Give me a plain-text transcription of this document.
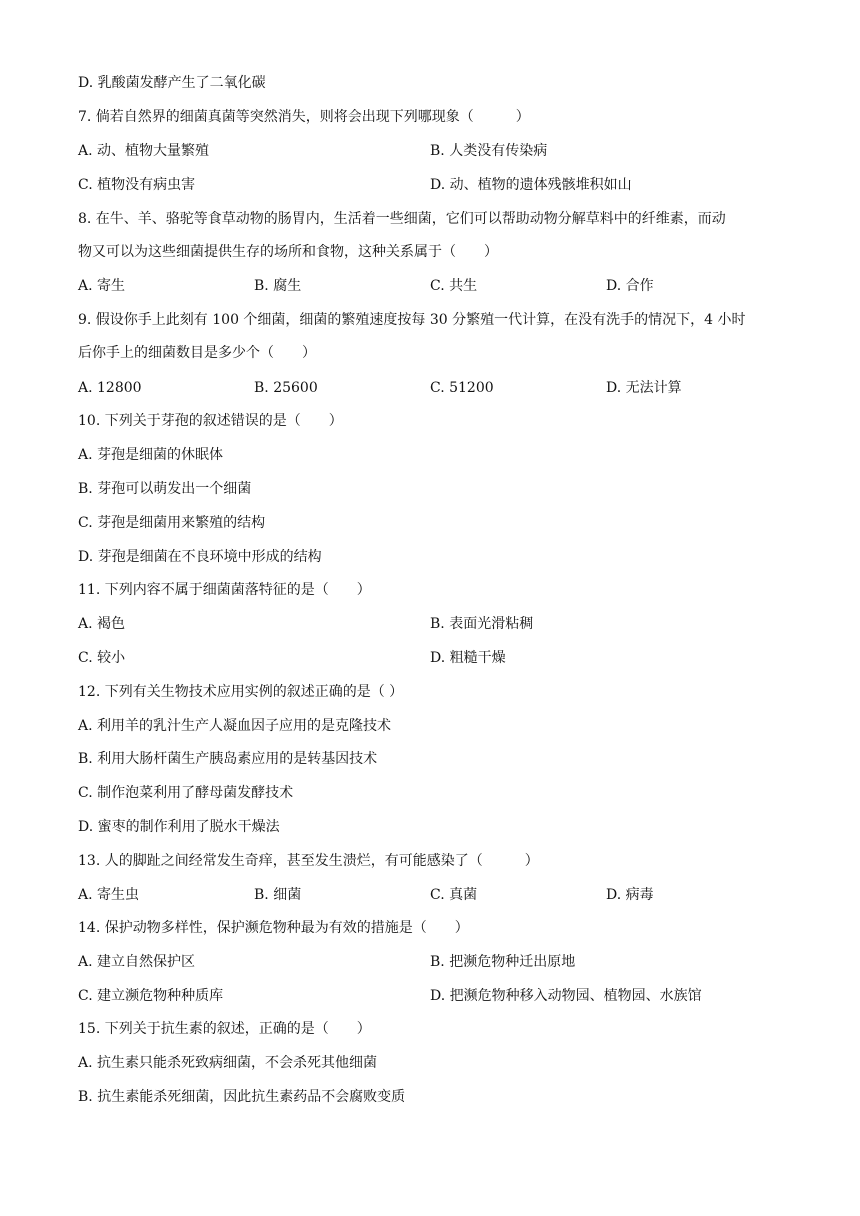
D. 乳酸菌发酵产生了二氧化碳
7. 倘若自然界的细菌真菌等突然消失，则将会出现下列哪现象（　　　）
A. 动、植物大量繁殖	B. 人类没有传染病
C. 植物没有病虫害	D. 动、植物的遗体残骸堆积如山
8. 在牛、羊、骆驼等食草动物的肠胃内，生活着一些细菌，它们可以帮助动物分解草料中的纤维素，而动
物又可以为这些细菌提供生存的场所和食物，这种关系属于（　　）
A. 寄生	B. 腐生	C. 共生	D. 合作
9. 假设你手上此刻有 100 个细菌，细菌的繁殖速度按每 30 分繁殖一代计算，在没有洗手的情况下，4 小时
后你手上的细菌数目是多少个（　　）
A. 12800	B. 25600	C. 51200	D. 无法计算
10. 下列关于芽孢的叙述错误的是（　　）
A. 芽孢是细菌的休眠体
B. 芽孢可以萌发出一个细菌
C. 芽孢是细菌用来繁殖的结构
D. 芽孢是细菌在不良环境中形成的结构
11. 下列内容不属于细菌菌落特征的是（　　）
A. 褐色	B. 表面光滑粘稠
C. 较小	D. 粗糙干燥
12. 下列有关生物技术应用实例的叙述正确的是（ ）
A. 利用羊的乳汁生产人凝血因子应用的是克隆技术
B. 利用大肠杆菌生产胰岛素应用的是转基因技术
C. 制作泡菜利用了酵母菌发酵技术
D. 蜜枣的制作利用了脱水干燥法
13. 人的脚趾之间经常发生奇痒，甚至发生溃烂，有可能感染了（　　　）
A. 寄生虫	B. 细菌	C. 真菌	D. 病毒
14. 保护动物多样性，保护濒危物种最为有效的措施是（　　）
A. 建立自然保护区	B. 把濒危物种迁出原地
C. 建立濒危物种种质库	D. 把濒危物种移入动物园、植物园、水族馆
15. 下列关于抗生素的叙述，正确的是（　　）
A. 抗生素只能杀死致病细菌，不会杀死其他细菌
B. 抗生素能杀死细菌，因此抗生素药品不会腐败变质
